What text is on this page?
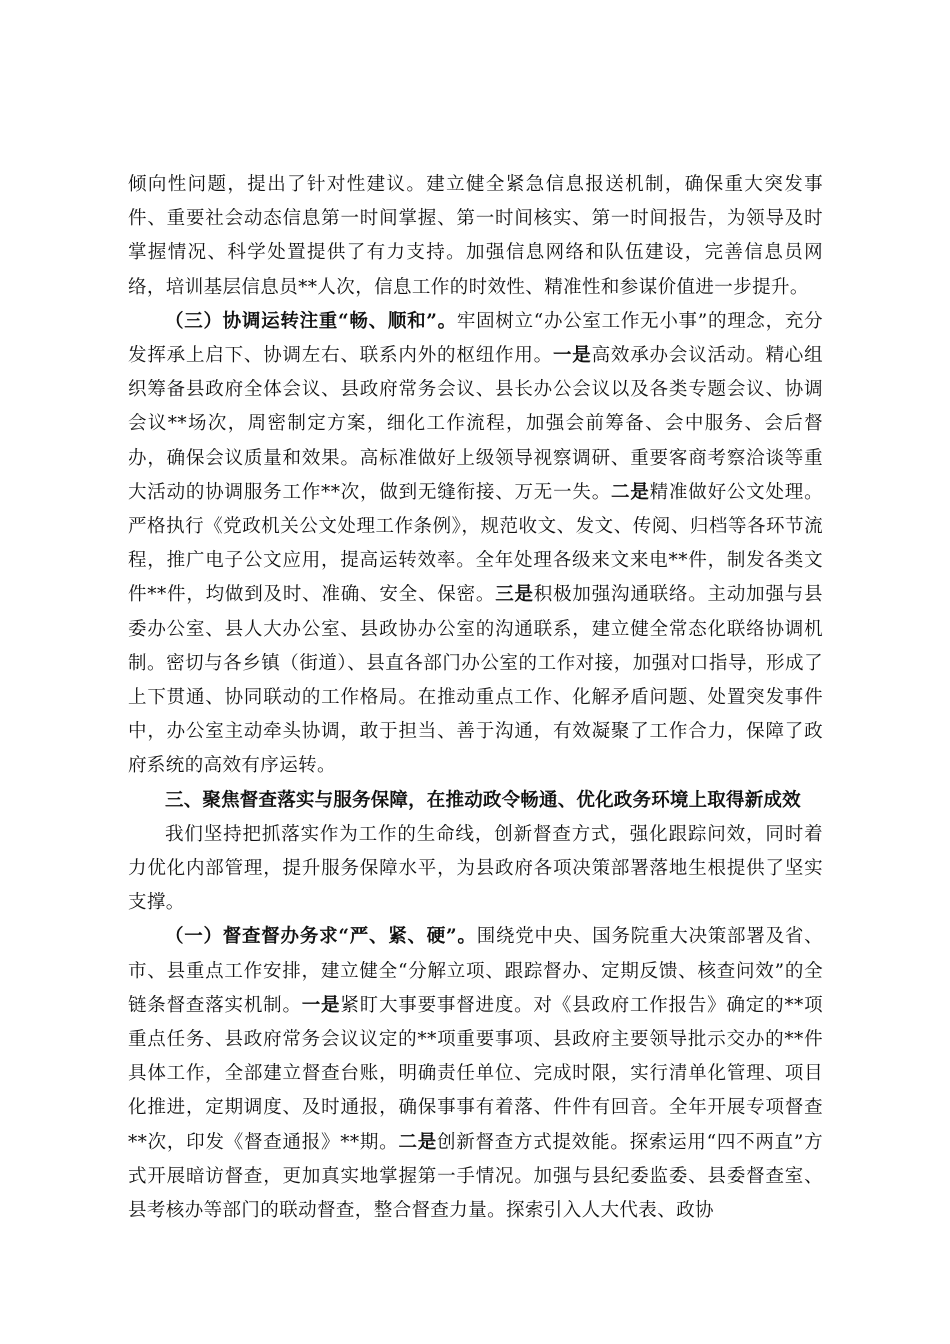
倾向性问题，提出了针对性建议。建立健全紧急信息报送机制，确保重大突发事件、重要社会动态信息第一时间掌握、第一时间核实、第一时间报告，为领导及时掌握情况、科学处置提供了有力支持。加强信息网络和队伍建设，完善信息员网络，培训基层信息员**人次，信息工作的时效性、精准性和参谋价值进一步提升。

（三）协调运转注重“畅、顺和”。牢固树立“办公室工作无小事”的理念，充分发挥承上启下、协调左右、联系内外的枢纽作用。一是高效承办会议活动。精心组织筹备县政府全体会议、县政府常务会议、县长办公会议以及各类专题会议、协调会议**场次，周密制定方案，细化工作流程，加强会前筹备、会中服务、会后督办，确保会议质量和效果。高标准做好上级领导视察调研、重要客商考察洽谈等重大活动的协调服务工作**次，做到无缝衔接、万无一失。二是精准做好公文处理。严格执行《党政机关公文处理工作条例》，规范收文、发文、传阅、归档等各环节流程，推广电子公文应用，提高运转效率。全年处理各级来文来电**件，制发各类文件**件，均做到及时、准确、安全、保密。三是积极加强沟通联络。主动加强与县委办公室、县人大办公室、县政协办公室的沟通联系，建立健全常态化联络协调机制。密切与各乡镇（街道）、县直各部门办公室的工作对接，加强对口指导，形成了上下贯通、协同联动的工作格局。在推动重点工作、化解矛盾问题、处置突发事件中，办公室主动牵头协调，敢于担当、善于沟通，有效凝聚了工作合力，保障了政府系统的高效有序运转。

三、聚焦督查落实与服务保障，在推动政令畅通、优化政务环境上取得新成效

我们坚持把抓落实作为工作的生命线，创新督查方式，强化跟踪问效，同时着力优化内部管理，提升服务保障水平，为县政府各项决策部署落地生根提供了坚实支撑。

（一）督查督办务求“严、紧、硬”。围绕党中央、国务院重大决策部署及省、市、县重点工作安排，建立健全“分解立项、跟踪督办、定期反馈、核查问效”的全链条督查落实机制。一是紧盯大事要事督进度。对《县政府工作报告》确定的**项重点任务、县政府常务会议议定的**项重要事项、县政府主要领导批示交办的**件具体工作，全部建立督查台账，明确责任单位、完成时限，实行清单化管理、项目化推进，定期调度、及时通报，确保事事有着落、件件有回音。全年开展专项督查**次，印发《督查通报》**期。二是创新督查方式提效能。探索运用“四不两直”方式开展暗访督查，更加真实地掌握第一手情况。加强与县纪委监委、县委督查室、县考核办等部门的联动督查，整合督查力量。探索引入人大代表、政协
